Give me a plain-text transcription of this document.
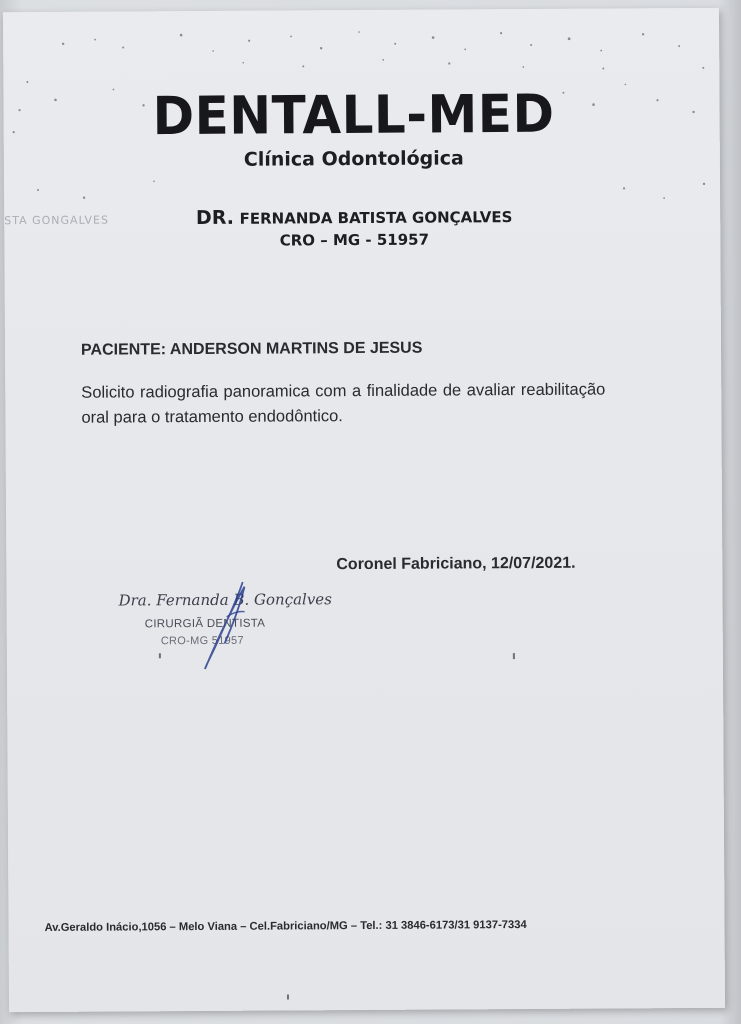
STA GONGALVES
DENTALL-MED
Clínica Odontológica
DR. FERNANDA BATISTA GONÇALVES
CRO – MG - 51957
PACIENTE: ANDERSON MARTINS DE JESUS
Solicito radiografia panoramica com a finalidade de avaliar reabilitação oral para o tratamento endodôntico.
Coronel Fabriciano, 12/07/2021.
Dra. Fernanda B. Gonçalves
CIRURGIÃ DENTISTA
CRO-MG 51957
Av.Geraldo Inácio,1056 – Melo Viana – Cel.Fabriciano/MG – Tel.: 31 3846-6173/31 9137-7334
